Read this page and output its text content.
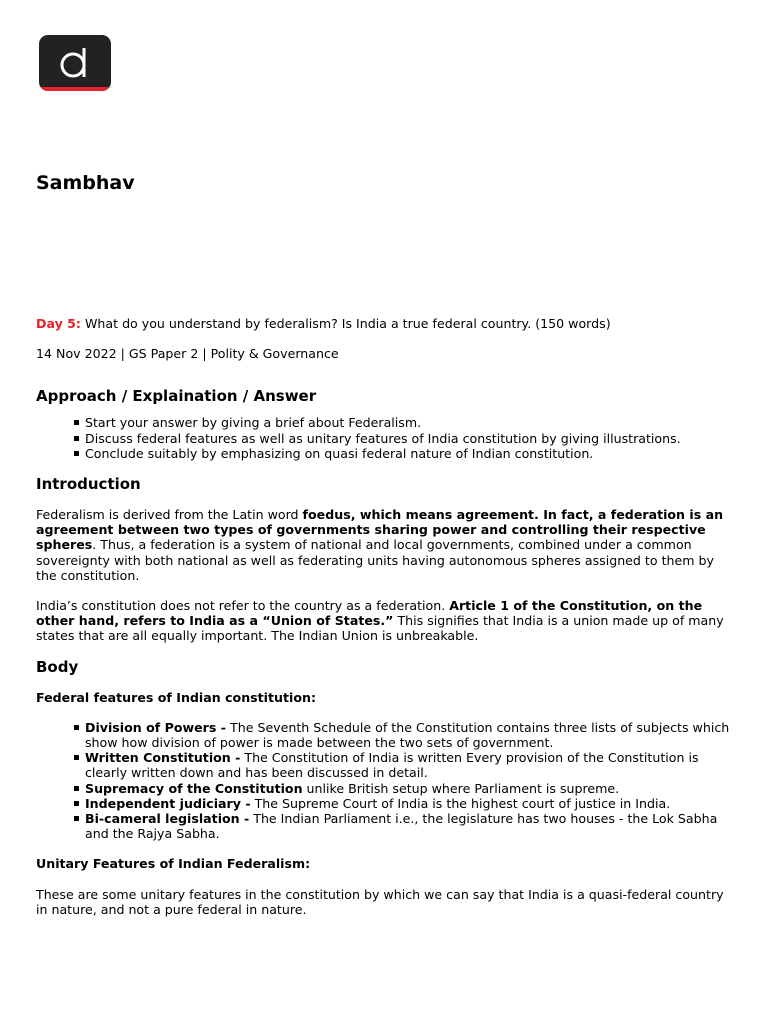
Sambhav

Day 5: What do you understand by federalism? Is India a true federal country. (150 words)

14 Nov 2022 | GS Paper 2 | Polity & Governance

Approach / Explaination / Answer
Start your answer by giving a brief about Federalism.
Discuss federal features as well as unitary features of India constitution by giving illustrations.
Conclude suitably by emphasizing on quasi federal nature of Indian constitution.
Introduction

Federalism is derived from the Latin word foedus, which means agreement. In fact, a federation is an agreement between two types of governments sharing power and controlling their respective spheres. Thus, a federation is a system of national and local governments, combined under a common sovereignty with both national as well as federating units having autonomous spheres assigned to them by the constitution.

India’s constitution does not refer to the country as a federation. Article 1 of the Constitution, on the other hand, refers to India as a “Union of States.” This signifies that India is a union made up of many states that are all equally important. The Indian Union is unbreakable.

Body

Federal features of Indian constitution:

Division of Powers - The Seventh Schedule of the Constitution contains three lists of subjects which show how division of power is made between the two sets of government.
Written Constitution - The Constitution of India is written Every provision of the Constitution is clearly written down and has been discussed in detail.
Supremacy of the Constitution unlike British setup where Parliament is supreme.
Independent judiciary - The Supreme Court of India is the highest court of justice in India.
Bi-cameral legislation - The Indian Parliament i.e., the legislature has two houses - the Lok Sabha and the Rajya Sabha.

Unitary Features of Indian Federalism:

These are some unitary features in the constitution by which we can say that India is a quasi-federal country in nature, and not a pure federal in nature.
